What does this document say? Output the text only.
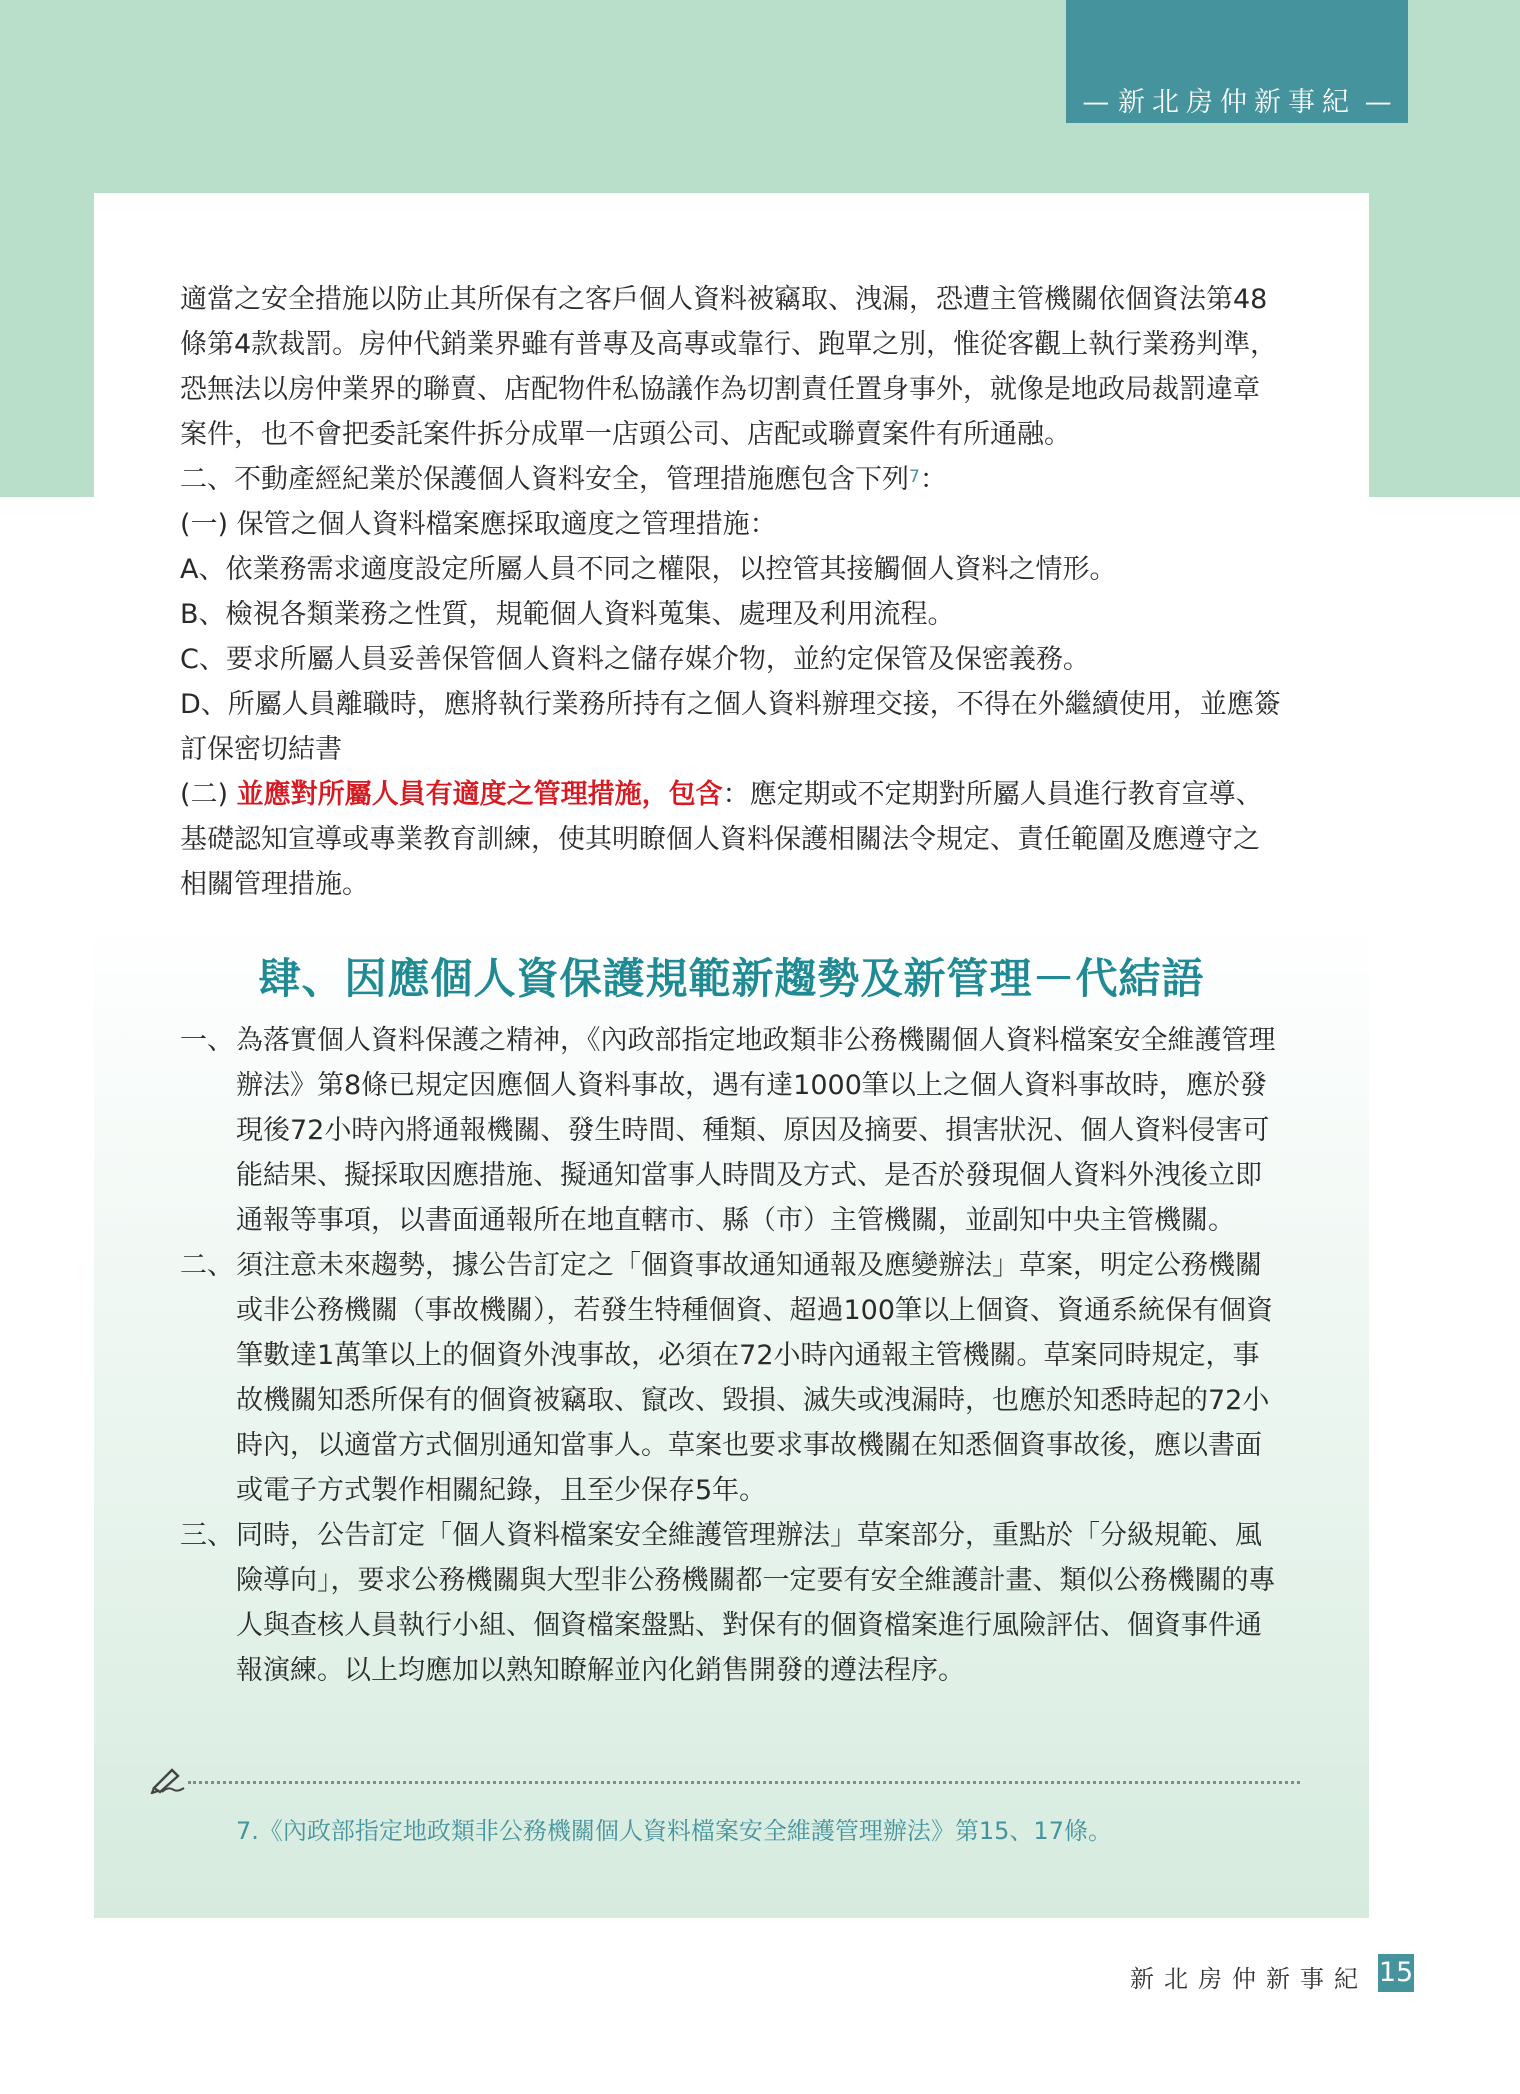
— 新北房仲新事紀 —

適當之安全措施以防止其所保有之客戶個人資料被竊取、洩漏，恐遭主管機關依個資法第48條第4款裁罰。房仲代銷業界雖有普專及高專或靠行、跑單之別，惟從客觀上執行業務判準，恐無法以房仲業界的聯賣、店配物件私協議作為切割責任置身事外，就像是地政局裁罰違章案件，也不會把委託案件拆分成單一店頭公司、店配或聯賣案件有所通融。

二、不動產經紀業於保護個人資料安全，管理措施應包含下列$^7$：

(一) 保管之個人資料檔案應採取適度之管理措施：

A、依業務需求適度設定所屬人員不同之權限，以控管其接觸個人資料之情形。

B、檢視各類業務之性質，規範個人資料蒐集、處理及利用流程。

C、要求所屬人員妥善保管個人資料之儲存媒介物，並約定保管及保密義務。

D、所屬人員離職時，應將執行業務所持有之個人資料辦理交接，不得在外繼續使用，並應簽訂保密切結書

(二) 並應對所屬人員有適度之管理措施，包含：應定期或不定期對所屬人員進行教育宣導、基礎認知宣導或專業教育訓練，使其明瞭個人資料保護相關法令規定、責任範圍及應遵守之相關管理措施。

肆、因應個人資保護規範新趨勢及新管理－代結語
一、 為落實個人資料保護之精神，《內政部指定地政類非公務機關個人資料檔案安全維護管理辦法》第8條已規定因應個人資料事故，遇有達1000筆以上之個人資料事故時，應於發現後72小時內將通報機關、發生時間、種類、原因及摘要、損害狀況、個人資料侵害可能結果、擬採取因應措施、擬通知當事人時間及方式、是否於發現個人資料外洩後立即通報等事項，以書面通報所在地直轄市、縣（市）主管機關，並副知中央主管機關。
二、 須注意未來趨勢，據公告訂定之「個資事故通知通報及應變辦法」草案，明定公務機關或非公務機關（事故機關），若發生特種個資、超過100筆以上個資、資通系統保有個資筆數達1萬筆以上的個資外洩事故，必須在72小時內通報主管機關。草案同時規定，事故機關知悉所保有的個資被竊取、竄改、毀損、滅失或洩漏時，也應於知悉時起的72小時內，以適當方式個別通知當事人。草案也要求事故機關在知悉個資事故後，應以書面或電子方式製作相關紀錄，且至少保存5年。
三、 同時，公告訂定「個人資料檔案安全維護管理辦法」草案部分，重點於「分級規範、風險導向」，要求公務機關與大型非公務機關都一定要有安全維護計畫、類似公務機關的專人與查核人員執行小組、個資檔案盤點、對保有的個資檔案進行風險評估、個資事件通報演練。以上均應加以熟知瞭解並內化銷售開發的遵法程序。
7.《內政部指定地政類非公務機關個人資料檔案安全維護管理辦法》第15、17條。
新北房仲新事紀 15
